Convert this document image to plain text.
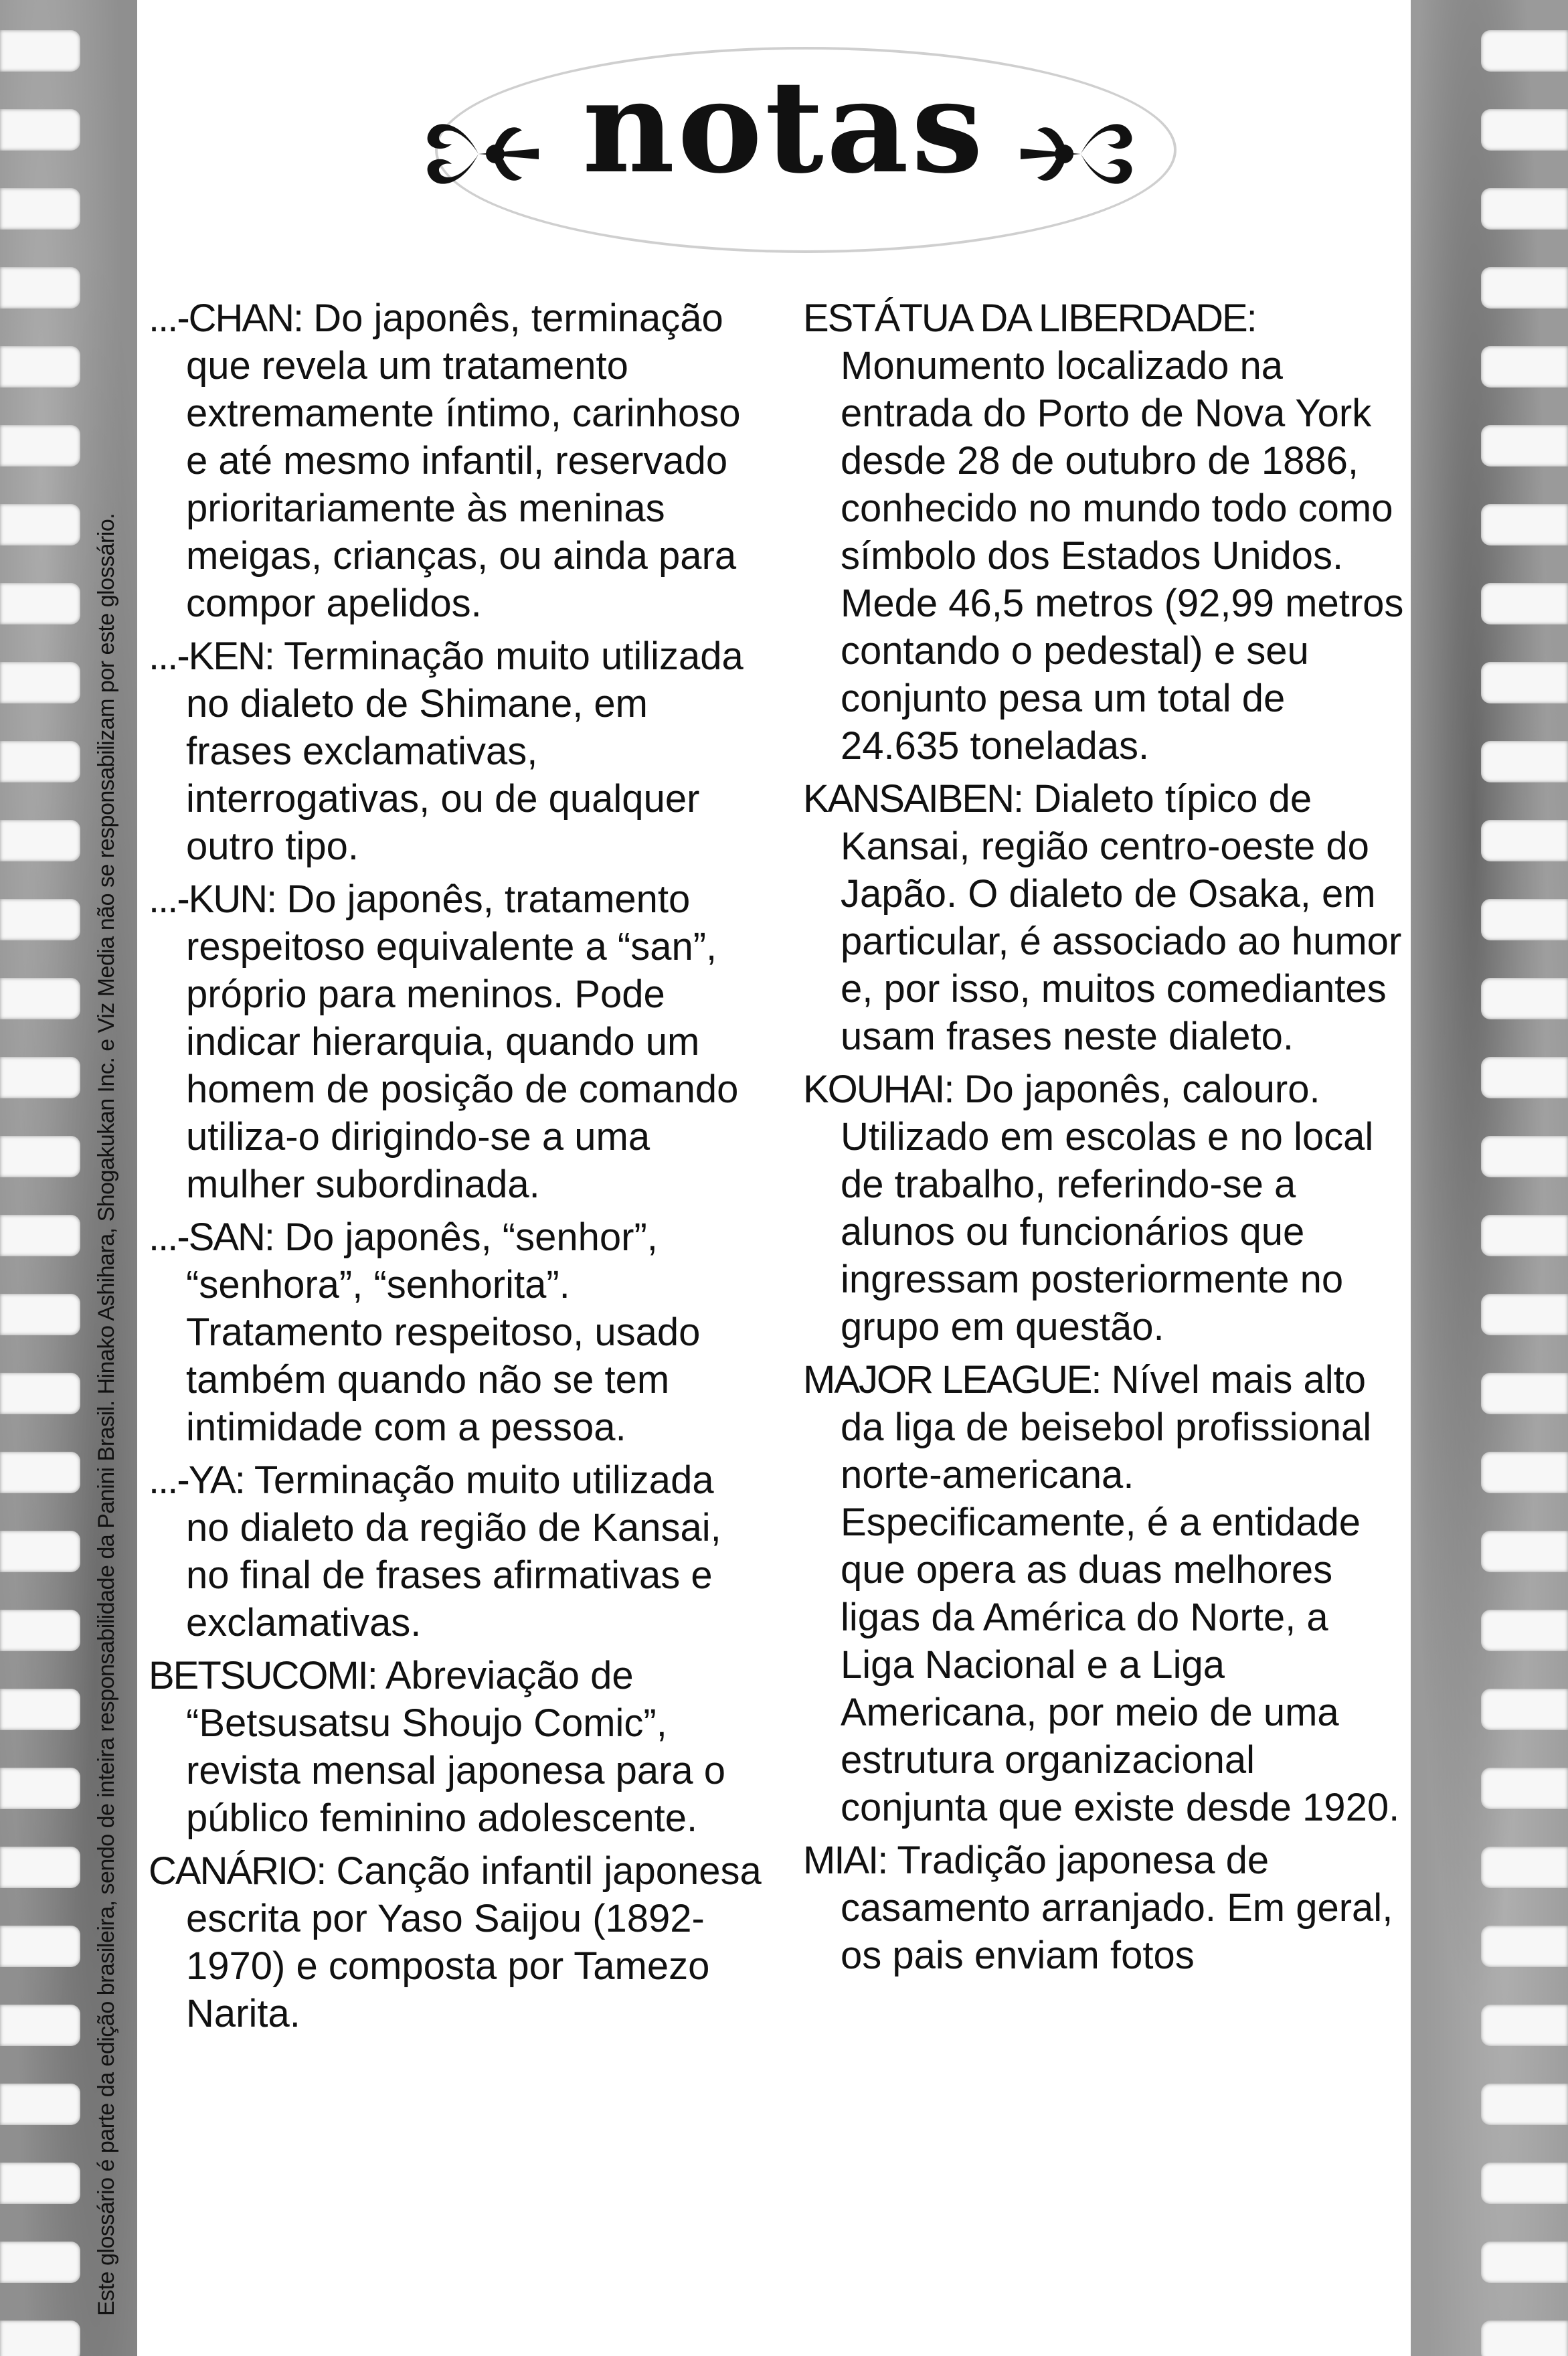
Este glossário é parte da edição brasileira, sendo de inteira responsabilidade da Panini Brasil. Hinako Ashihara, Shogakukan Inc. e Viz Media não se responsabilizam por este glossário.
notas
...-CHAN: Do japonês, terminação que revela um tratamento extremamente íntimo, carinhoso e até mesmo infantil, reservado prioritariamente às meninas meigas, crianças, ou ainda para compor apelidos.
...-KEN: Terminação muito utilizada no dialeto de Shimane, em frases exclamativas, interrogativas, ou de qualquer outro tipo.
...-KUN: Do japonês, tratamento respeitoso equivalente a “san”, próprio para meninos. Pode indicar hierarquia, quando um homem de posição de comando utiliza-o dirigindo-se a uma mulher subordinada.
...-SAN: Do japonês, “senhor”, “senhora”, “senhorita”. Tratamento respeitoso, usado também quando não se tem intimidade com a pessoa.
...-YA: Terminação muito utilizada no dialeto da região de Kansai, no final de frases afirmativas e exclamativas.
BETSUCOMI: Abreviação de “Betsusatsu Shoujo Comic”, revista mensal japonesa para o público feminino adolescente.
CANÁRIO: Canção infantil japonesa escrita por Yaso Saijou (1892-1970) e composta por Tamezo Narita.
ESTÁTUA DA LIBERDADE: Monumento localizado na entrada do Porto de Nova York desde 28 de outubro de 1886, conhecido no mundo todo como símbolo dos Estados Unidos. Mede 46,5 metros (92,99 metros contando o pedestal) e seu conjunto pesa um total de 24.635 toneladas.
KANSAIBEN: Dialeto típico de Kansai, região centro-oeste do Japão. O dialeto de Osaka, em particular, é associado ao humor e, por isso, muitos comediantes usam frases neste dialeto.
KOUHAI: Do japonês, calouro. Utilizado em escolas e no local de trabalho, referindo-se a alunos ou funcionários que ingressam posteriormente no grupo em questão.
MAJOR LEAGUE: Nível mais alto da liga de beisebol profissional norte-americana. Especificamente, é a entidade que opera as duas melhores ligas da América do Norte, a Liga Nacional e a Liga Americana, por meio de uma estrutura organizacional conjunta que existe desde 1920.
MIAI: Tradição japonesa de casamento arranjado. Em geral, os pais enviam fotos
